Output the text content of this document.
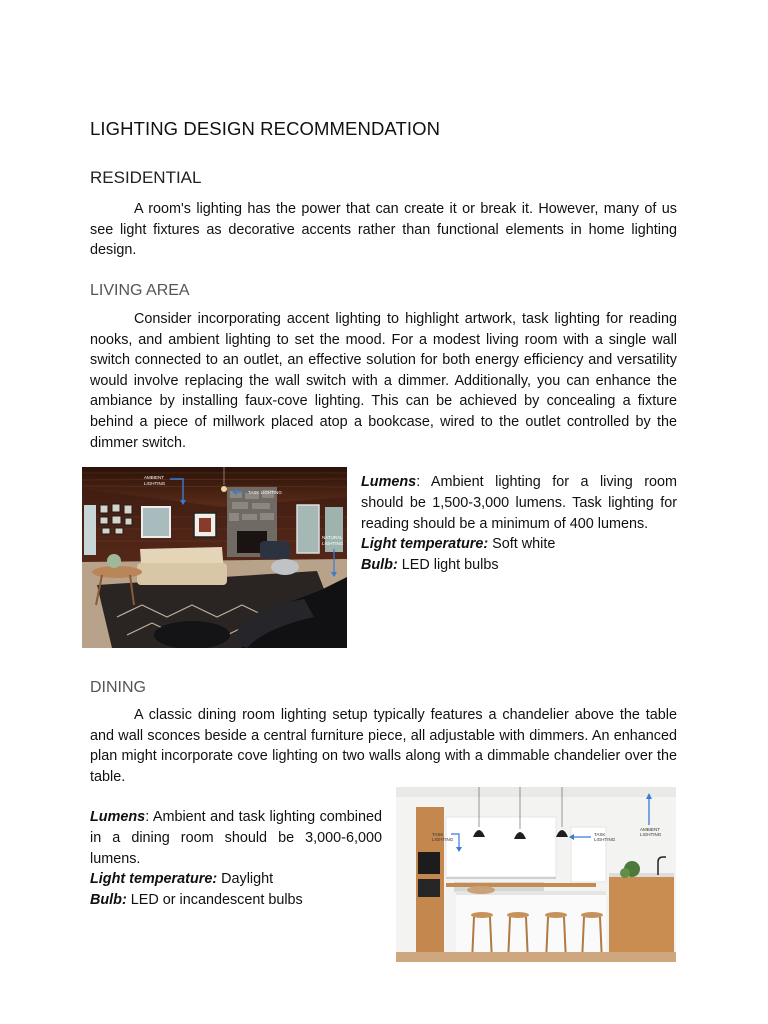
LIGHTING DESIGN RECOMMENDATION
RESIDENTIAL

A room's lighting has the power that can create it or break it. However, many of us see light fixtures as decorative accents rather than functional elements in home lighting design.

LIVING AREA

Consider incorporating accent lighting to highlight artwork, task lighting for reading nooks, and ambient lighting to set the mood. For a modest living room with a single wall switch connected to an outlet, an effective solution for both energy efficiency and versatility would involve replacing the wall switch with a dimmer. Additionally, you can enhance the ambiance by installing faux-cove lighting. This can be achieved by concealing a fixture behind a piece of millwork placed atop a bookcase, wired to the outlet controlled by the dimmer switch.

AMBIENT
LIGHTING
TASK LIGHTING
NATURAL
LIGHTING

Lumens: Ambient lighting for a living room should be 1,500-3,000 lumens. Task lighting for reading should be a minimum of 400 lumens.

Light temperature: Soft white

Bulb: LED light bulbs

DINING

A classic dining room lighting setup typically features a chandelier above the table and wall sconces beside a central furniture piece, all adjustable with dimmers. An enhanced plan might incorporate cove lighting on two walls along with a dimmable chandelier over the table.

Lumens: Ambient and task lighting combined in a dining room should be 3,000-6,000 lumens.

Light temperature: Daylight

Bulb: LED or incandescent bulbs

TASK
LIGHTING
TASK
LIGHTING
AMBIENT
LIGHTING
